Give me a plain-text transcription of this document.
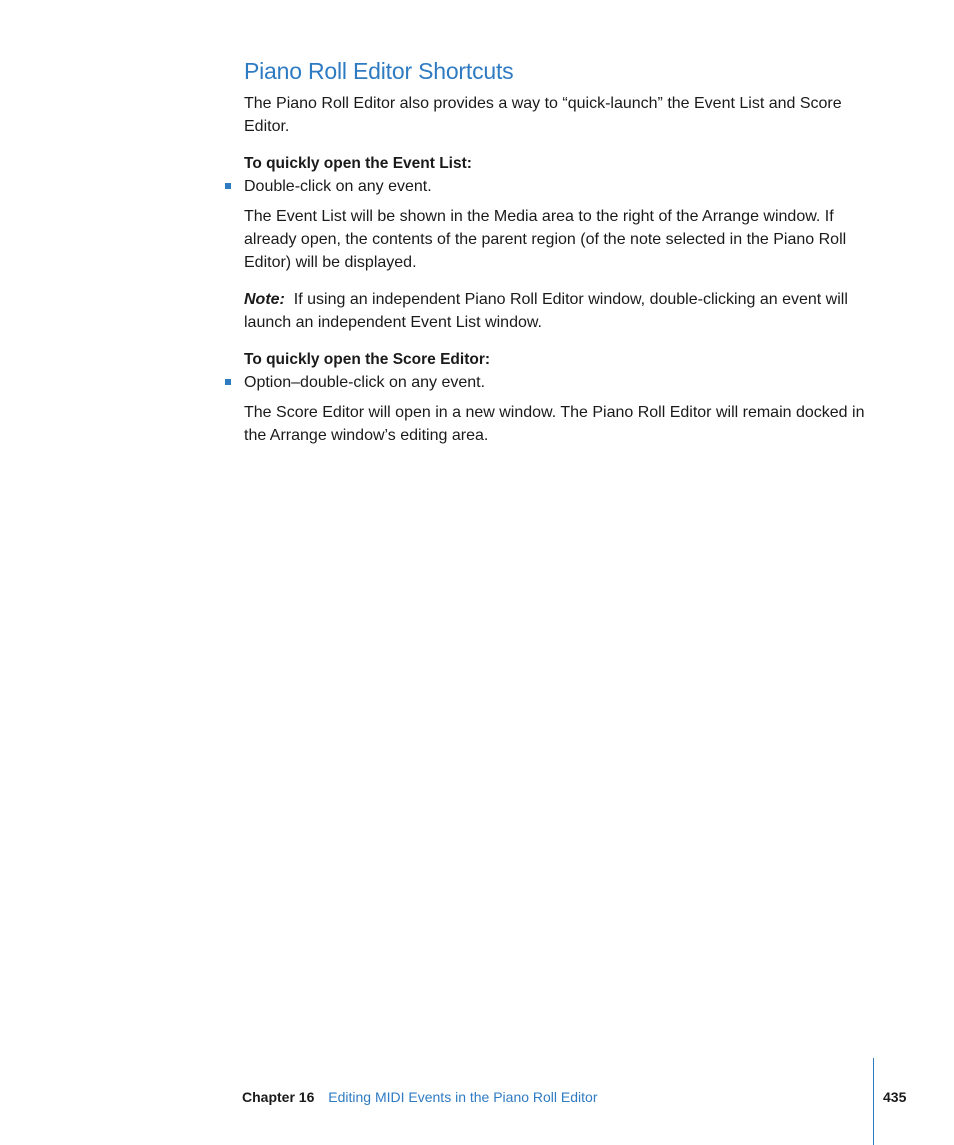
Piano Roll Editor Shortcuts

The Piano Roll Editor also provides a way to “quick-launch” the Event List and Score Editor.

To quickly open the Event List:

Double-click on any event.

The Event List will be shown in the Media area to the right of the Arrange window. If already open, the contents of the parent region (of the note selected in the Piano Roll Editor) will be displayed.

Note: If using an independent Piano Roll Editor window, double-clicking an event will launch an independent Event List window.

To quickly open the Score Editor:

Option–double-click on any event.

The Score Editor will open in a new window. The Piano Roll Editor will remain docked in the Arrange window’s editing area.

Chapter 16 Editing MIDI Events in the Piano Roll Editor	435
